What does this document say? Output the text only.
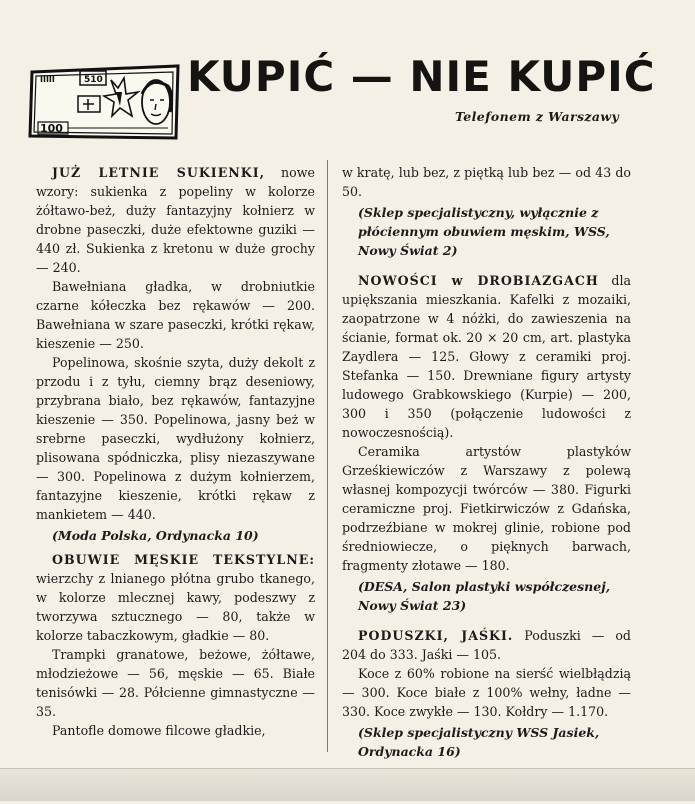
IIIII	510
100
KUPIĆ — NIE KUPIĆ
Telefonem z Warszawy

JUŻ LETNIE SUKIENKI, nowe wzory: sukienka z popeliny w kolorze żółtawo-beż, duży fantazyjny kołnierz w drobne paseczki, duże efektowne guziki — 440 zł. Sukienka z kretonu w duże grochy — 240.

Bawełniana gładka, w drobniutkie czarne kółeczka bez rękawów — 200. Bawełniana w szare paseczki, krótki rękaw, kieszenie — 250.

Popelinowa, skośnie szyta, duży dekolt z przodu i z tyłu, ciemny brąz deseniowy, przybrana biało, bez rękawów, fantazyjne kieszenie — 350. Popelinowa, jasny beż w srebrne paseczki, wydłużony kołnierz, plisowana spódniczka, plisy niezaszywane — 300. Popelinowa z dużym kołnierzem, fantazyjne kieszenie, krótki rękaw z mankietem — 440.

(Moda Polska, Ordynacka 10)

OBUWIE MĘSKIE TEKSTYLNE: wierzchy z lnianego płótna grubo tkanego, w kolorze mlecznej kawy, podeszwy z tworzywa sztucznego — 80, także w kolorze tabaczkowym, gładkie — 80.

Trampki granatowe, beżowe, żółtawe, młodzieżowe — 56, męskie — 65. Białe tenisówki — 28. Półcienne gimnastyczne — 35.

Pantofle domowe filcowe gładkie,

w kratę, lub bez, z piętką lub bez — od 43 do 50.

(Sklep specjalistyczny, wyłącznie z płóciennym obuwiem męskim, WSS, Nowy Świat 2)

NOWOŚCI w DROBIAZGACH dla upiększania mieszkania. Kafelki z mozaiki, zaopatrzone w 4 nóżki, do zawieszenia na ścianie, format ok. 20 × 20 cm, art. plastyka Zaydlera — 125. Głowy z ceramiki proj. Stefanka — 150. Drewniane figury artysty ludowego Grabkowskiego (Kurpie) — 200, 300 i 350 (połączenie ludowości z nowoczesnością).

Ceramika artystów plastyków Grześkiewiczów z Warszawy z polewą własnej kompozycji twórców — 380. Figurki ceramiczne proj. Fietkirwiczów z Gdańska, podrzeźbiane w mokrej glinie, robione pod średniowiecze, o pięknych barwach, fragmenty złotawe — 180.

(DESA, Salon plastyki współczesnej, Nowy Świat 23)

PODUSZKI, JAŚKI. Poduszki — od 204 do 333. Jaśki — 105.

Koce z 60% robione na sierść wielbłądzią — 300. Koce białe z 100% wełny, ładne — 330. Koce zwykłe — 130. Kołdry — 1.170.

(Sklep specjalistyczny WSS Jasiek, Ordynacka 16)
